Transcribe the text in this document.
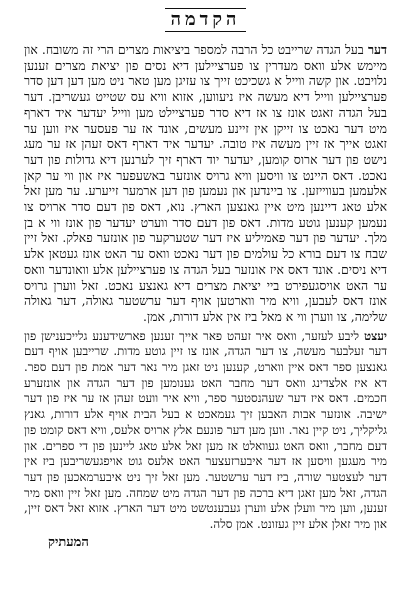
הקדמה

דער בעל הגדה שרייבט כל הרבה למספר ביציאות מצרים הרי זה משובח. און מיימש אלע וואס מעדרין צו פערציילען דיא נסים פון יציאת מצרים זענען נלויבט. און קשה ווייל א גשכיכט זייך צו עזיגן מען טאר ניט מען דען דען סדר פערציילען ווייל דיא מעשה איז ניעווען, אזוא וויא עס שטייט געשריבן. דער בעל הגדה זאגט אונז צו אז דיא סדר פערציילט מען ווייל יעדער איד דארף מיט דער נאכט צו זייקן אין זיינע מעשים, אונד אז ער פעסער איז ווען ער זאגט אייך אז זיין מעשה איז טובה. יעדער איד דארף דאס זעהן אז ער מעג נישט פון דער ארוס קומען, יעדער יוד דארף זיך לערנען דיא גדולות פון דער נאכט. דאס היינט צו וויסען וויא גרויס אונזער באשעפער איז און ווי ער קאן אלעמען בעווייזען. צו ביינדען און נעמען פון דען ארמער זייערע. ער מען זאל אלע טאג דיינען מיט איין גאנצען הארץ. נוא, דאס פון דעם סדר ארויס צו נעמען קענען גוטע מדות. דאס פון דעם סדר ווערט יעדער פון אונז ווי א בן מלך. יעדער פון דער פאמיליע איז דער שטערקער פון אונזער פאלק. זאל זיין שבח צו דעם בורא כל עולמים פון דער נאכט וואס ער האט אונז געטאן אלע דיא ניסים. אונד דאס איז אונזער בעל הגדה צו פערציילען אלע וואונדער וואס ער האט אויסגעפירט ביי יציאת מצרים דיא גאנצע נאכט. זאל ווערן גרויס אונז דאס לעבען, וויא מיר ווארטען אויף דער ערשטער גאולה, דער גאולה שלימה, צו ווערן ווי א מאל ביז אין אלע דורות, אמן.

יעצט ליבע לעזער, וואס איר זעהט פאר אייך זענען פארשידענע גלייכענישן פון דער זעלבער מעשה, צו דער הגדה, אונז צו זיין גוטע מדות. שרייבען אויף דעם גאנצען ספר דאס איין ווארט, קענען ניט זאגן מיר נאר דער אמת פון דעם ספר. דא איז אלצדינג וואס דער מחבר האט גענומען פון דער הגדה און אונזערע חכמים. דאס איז דער שעהנסטער ספר, וויא איר וועט זעהן אז ער איז פון דער ישיבה. אונזער אבות האבען זיך געמאכט א בעל הבית אויף אלע דורות, גאנץ גליקליך, ניט קיין נאר. ווען מען דער פונעם אלץ ארויס אלעס, וויא דאס קומט פון דעם מחבר, וואס האט געוואלט אז מען זאל אלע טאג ליינען פון די ספרים. און מיר מעגען וויסען אז דער איבערזעצער האט אלעס גוט אויפגעשריבען ביז אין דער לעצטער שורה, ביז דער ערשטער. מען זאל זיך ניט איבערמאכען פון דער הגדה, זאל מען זאגן דיא ברכה פון דער הגדה מיט שמחה. מען זאל זיין וואס מיר זענען, ווען מיר וועלן אלע ווערן געבענטשט מיט דער הארץ. אזוא זאל דאס זיין, און מיר זאלן אלע זיין געזונט. אמן סלה.

המעתיק
